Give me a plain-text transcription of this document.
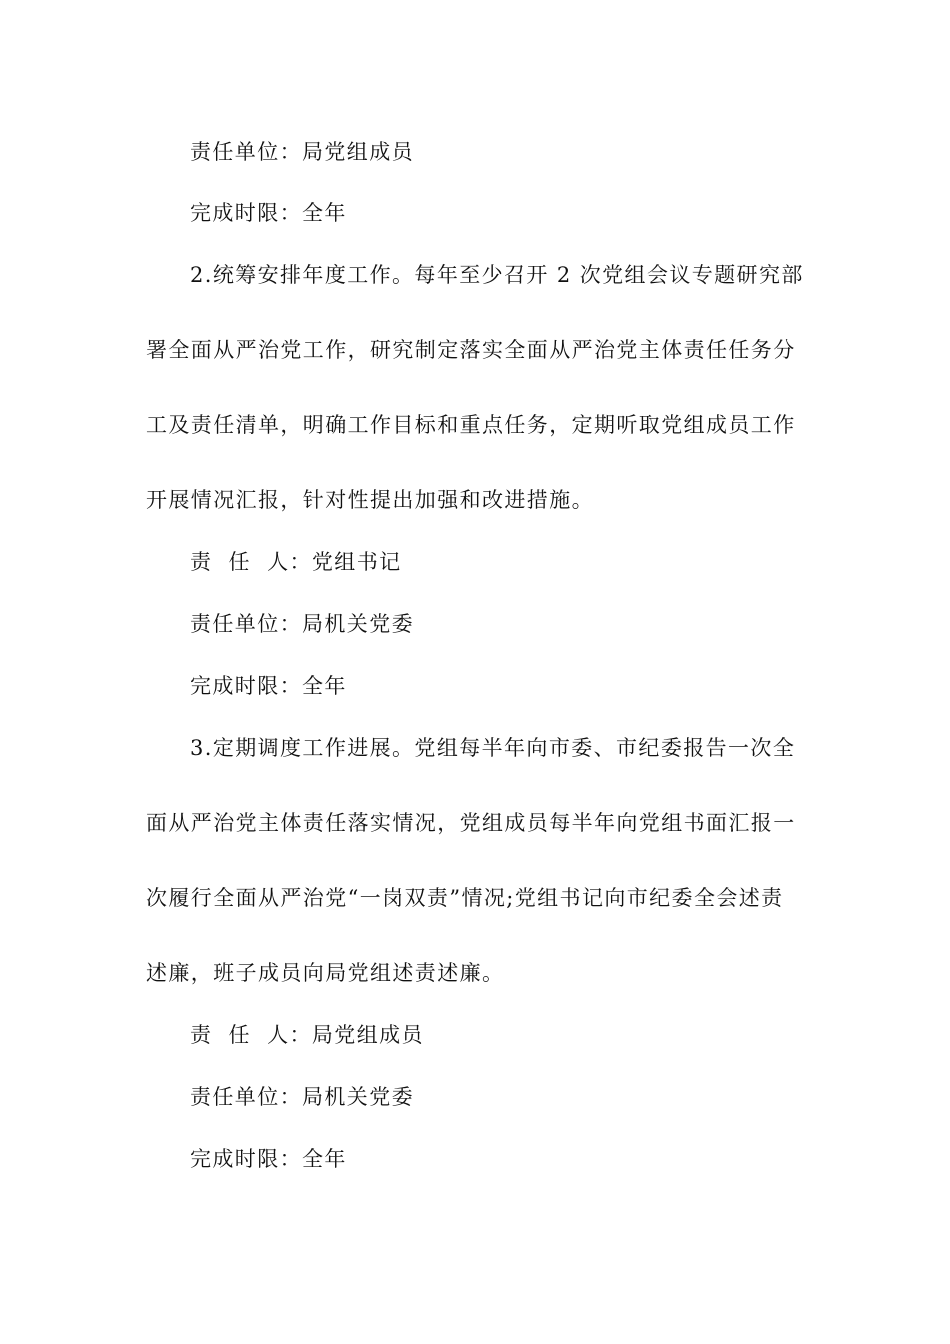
责任单位：局党组成员
完成时限：全年
2.统筹安排年度工作。每年至少召开 2 次党组会议专题研究部
署全面从严治党工作，研究制定落实全面从严治党主体责任任务分
工及责任清单，明确工作目标和重点任务，定期听取党组成员工作
开展情况汇报，针对性提出加强和改进措施。
责  任  人：党组书记
责任单位：局机关党委
完成时限：全年
3.定期调度工作进展。党组每半年向市委、市纪委报告一次全
面从严治党主体责任落实情况，党组成员每半年向党组书面汇报一
次履行全面从严治党“一岗双责”情况;党组书记向市纪委全会述责
述廉，班子成员向局党组述责述廉。
责  任  人：局党组成员
责任单位：局机关党委
完成时限：全年
